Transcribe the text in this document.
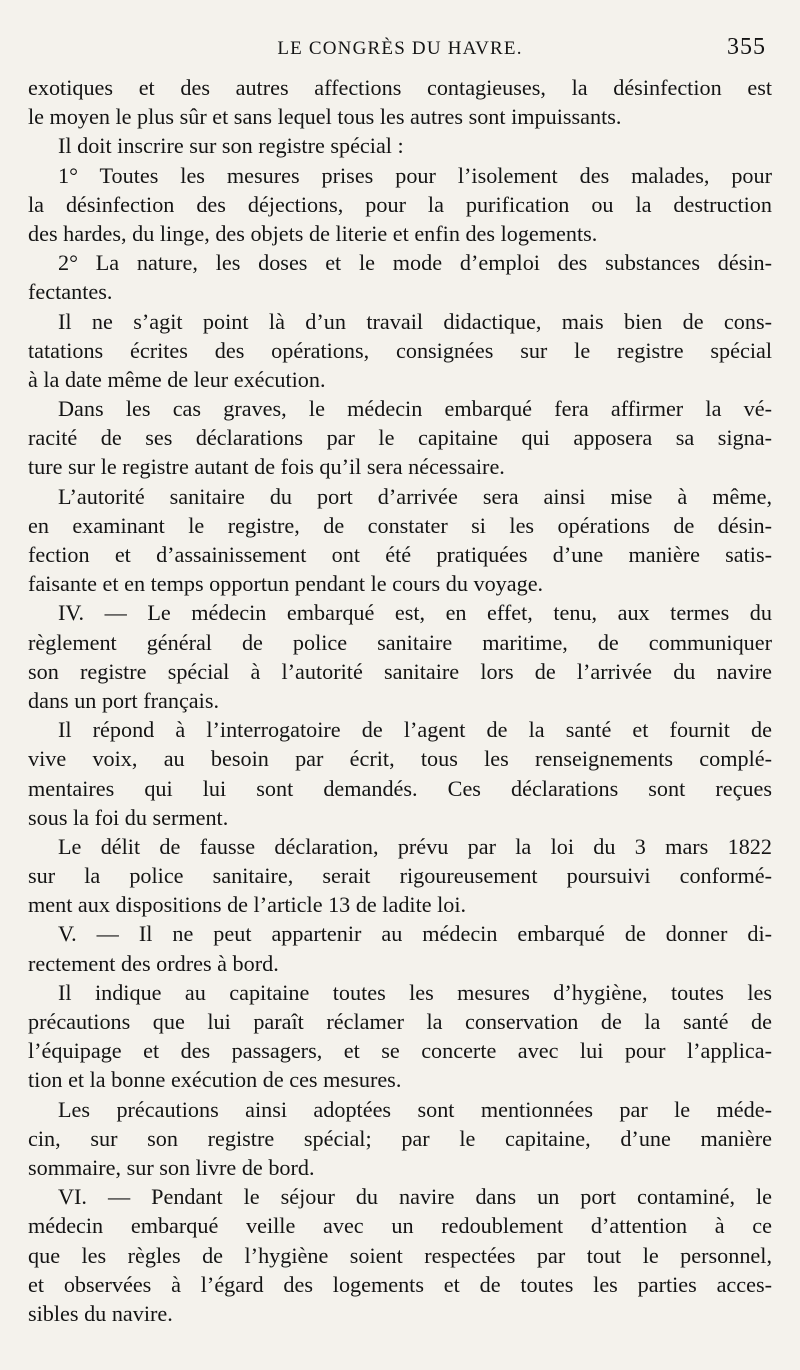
LE CONGRÈS DU HAVRE.	355
exotiques et des autres affections contagieuses, la désinfection est
le moyen le plus sûr et sans lequel tous les autres sont impuissants.
Il doit inscrire sur son registre spécial :
1° Toutes les mesures prises pour l’isolement des malades, pour
la désinfection des déjections, pour la purification ou la destruction
des hardes, du linge, des objets de literie et enfin des logements.
2° La nature, les doses et le mode d’emploi des substances désin-
fectantes.
Il ne s’agit point là d’un travail didactique, mais bien de cons-
tatations écrites des opérations, consignées sur le registre spécial
à la date même de leur exécution.
Dans les cas graves, le médecin embarqué fera affirmer la vé-
racité de ses déclarations par le capitaine qui apposera sa signa-
ture sur le registre autant de fois qu’il sera nécessaire.
L’autorité sanitaire du port d’arrivée sera ainsi mise à même,
en examinant le registre, de constater si les opérations de désin-
fection et d’assainissement ont été pratiquées d’une manière satis-
faisante et en temps opportun pendant le cours du voyage.
IV. — Le médecin embarqué est, en effet, tenu, aux termes du
règlement général de police sanitaire maritime, de communiquer
son registre spécial à l’autorité sanitaire lors de l’arrivée du navire
dans un port français.
Il répond à l’interrogatoire de l’agent de la santé et fournit de
vive voix, au besoin par écrit, tous les renseignements complé-
mentaires qui lui sont demandés. Ces déclarations sont reçues
sous la foi du serment.
Le délit de fausse déclaration, prévu par la loi du 3 mars 1822
sur la police sanitaire, serait rigoureusement poursuivi conformé-
ment aux dispositions de l’article 13 de ladite loi.
V. — Il ne peut appartenir au médecin embarqué de donner di-
rectement des ordres à bord.
Il indique au capitaine toutes les mesures d’hygiène, toutes les
précautions que lui paraît réclamer la conservation de la santé de
l’équipage et des passagers, et se concerte avec lui pour l’applica-
tion et la bonne exécution de ces mesures.
Les précautions ainsi adoptées sont mentionnées par le méde-
cin, sur son registre spécial; par le capitaine, d’une manière
sommaire, sur son livre de bord.
VI. — Pendant le séjour du navire dans un port contaminé, le
médecin embarqué veille avec un redoublement d’attention à ce
que les règles de l’hygiène soient respectées par tout le personnel,
et observées à l’égard des logements et de toutes les parties acces-
sibles du navire.
